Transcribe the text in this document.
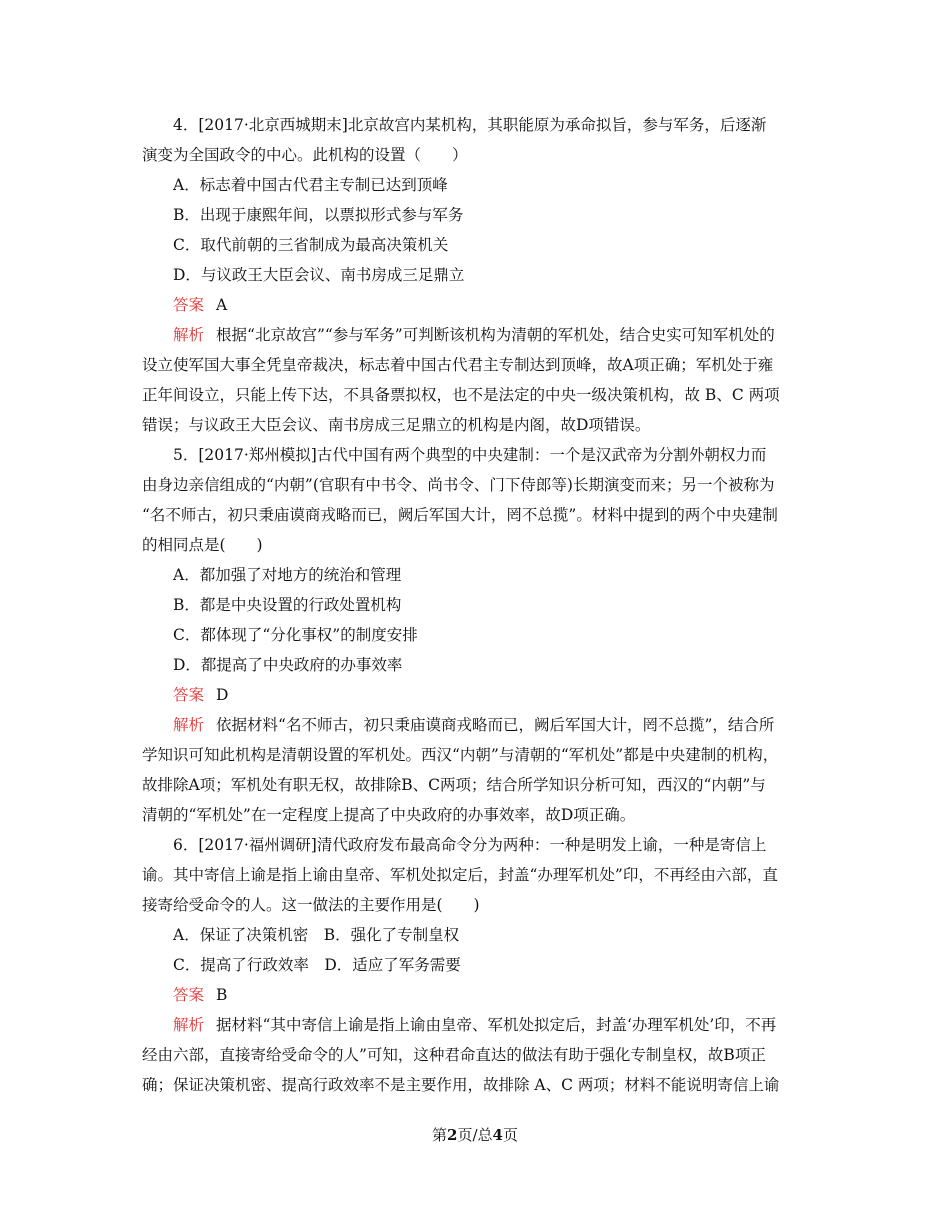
4．[2017·北京西城期末]北京故宫内某机构，其职能原为承命拟旨，参与军务，后逐渐
演变为全国政令的中心。此机构的设置（　　）
A．标志着中国古代君主专制已达到顶峰
B．出现于康熙年间，以票拟形式参与军务
C．取代前朝的三省制成为最高决策机关
D．与议政王大臣会议、南书房成三足鼎立
答案 A
解析 根据“北京故宫”“参与军务”可判断该机构为清朝的军机处，结合史实可知军机处的
设立使军国大事全凭皇帝裁决，标志着中国古代君主专制达到顶峰，故A项正确；军机处于雍
正年间设立，只能上传下达，不具备票拟权，也不是法定的中央一级决策机构，故 B、C 两项
错误；与议政王大臣会议、南书房成三足鼎立的机构是内阁，故D项错误。
5．[2017·郑州模拟]古代中国有两个典型的中央建制：一个是汉武帝为分割外朝权力而
由身边亲信组成的“内朝”(官职有中书令、尚书令、门下侍郎等)长期演变而来；另一个被称为
“名不师古，初只秉庙谟商戎略而已，阙后军国大计，罔不总揽”。材料中提到的两个中央建制
的相同点是(　　)
A．都加强了对地方的统治和管理
B．都是中央设置的行政处置机构
C．都体现了“分化事权”的制度安排
D．都提高了中央政府的办事效率
答案 D
解析 依据材料“名不师古，初只秉庙谟商戎略而已，阙后军国大计，罔不总揽”，结合所
学知识可知此机构是清朝设置的军机处。西汉“内朝”与清朝的“军机处”都是中央建制的机构，
故排除A项；军机处有职无权，故排除B、C两项；结合所学知识分析可知，西汉的“内朝”与
清朝的“军机处”在一定程度上提高了中央政府的办事效率，故D项正确。
6．[2017·福州调研]清代政府发布最高命令分为两种：一种是明发上谕，一种是寄信上
谕。其中寄信上谕是指上谕由皇帝、军机处拟定后，封盖“办理军机处”印，不再经由六部，直
接寄给受命令的人。这一做法的主要作用是(　　)
A．保证了决策机密　B．强化了专制皇权
C．提高了行政效率　D．适应了军务需要
答案 B
解析 据材料“其中寄信上谕是指上谕由皇帝、军机处拟定后，封盖‘办理军机处’印，不再
经由六部，直接寄给受命令的人”可知，这种君命直达的做法有助于强化专制皇权，故B项正
确；保证决策机密、提高行政效率不是主要作用，故排除 A、C 两项；材料不能说明寄信上谕
第2页/总4页
